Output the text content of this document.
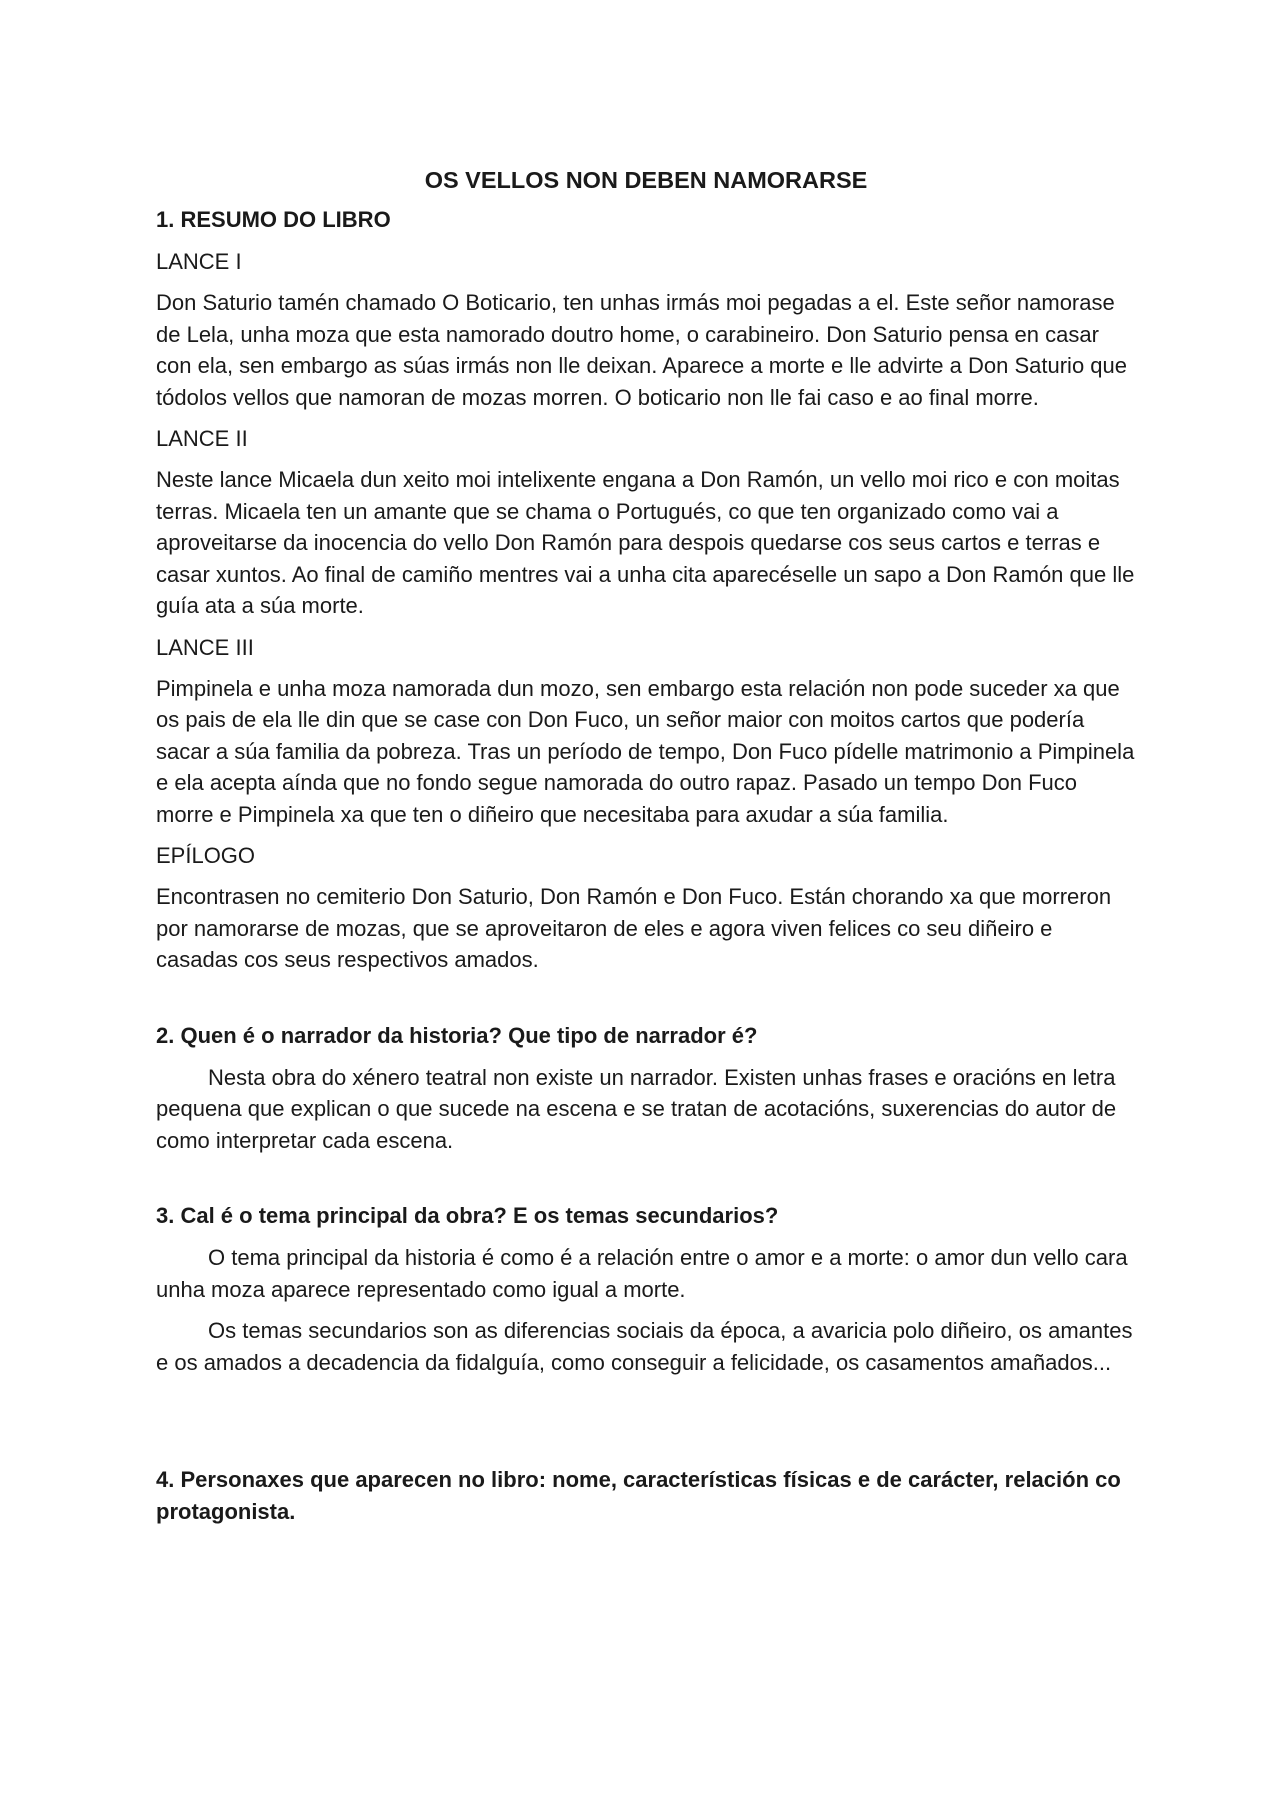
OS VELLOS NON DEBEN NAMORARSE
1. RESUMO DO LIBRO
LANCE I
Don Saturio tamén chamado O Boticario, ten unhas irmás moi pegadas a el. Este señor namorase de Lela, unha moza que esta namorado doutro home, o carabineiro. Don Saturio pensa en casar con ela, sen embargo as súas irmás non lle deixan. Aparece a morte e lle advirte a Don Saturio que tódolos vellos que namoran de mozas morren. O boticario non lle fai caso e ao final morre.
LANCE II
Neste lance Micaela dun xeito moi intelixente engana a Don Ramón, un vello moi rico e con moitas terras. Micaela ten un amante que se chama o Portugués, co que ten organizado como vai a aproveitarse da inocencia do vello Don Ramón para despois quedarse cos seus cartos e terras e casar xuntos. Ao final de camiño mentres vai a unha cita aparecéselle un sapo a Don Ramón que lle guía ata a súa morte.
LANCE III
Pimpinela e unha moza namorada dun mozo, sen embargo esta relación non pode suceder xa que os pais de ela lle din que se case con Don Fuco, un señor maior con moitos cartos que podería sacar a súa familia da pobreza. Tras un período de tempo, Don Fuco pídelle matrimonio a Pimpinela e ela acepta aínda que no fondo segue namorada do outro rapaz. Pasado un tempo Don Fuco morre e Pimpinela xa que ten o diñeiro que necesitaba para axudar a súa familia.
EPÍLOGO
Encontrasen no cemiterio Don Saturio, Don Ramón e Don Fuco. Están chorando xa que morreron por namorarse de mozas, que se aproveitaron de eles e agora viven felices co seu diñeiro e casadas cos seus respectivos amados.
2. Quen é o narrador da historia? Que tipo de narrador é?
Nesta obra do xénero teatral non existe un narrador. Existen unhas frases e oracións en letra pequena que explican o que sucede na escena e se tratan de acotacións, suxerencias do autor de como interpretar cada escena.
3. Cal é o tema principal da obra? E os temas secundarios?
O tema principal da historia é como é a relación entre o amor e a morte: o amor dun vello cara unha moza aparece representado como igual a morte.
Os temas secundarios son as diferencias sociais da época, a avaricia polo diñeiro, os amantes e os amados a decadencia da fidalguía, como conseguir a felicidade, os casamentos amañados...
4. Personaxes que aparecen no libro: nome, características físicas e de carácter, relación co protagonista.
